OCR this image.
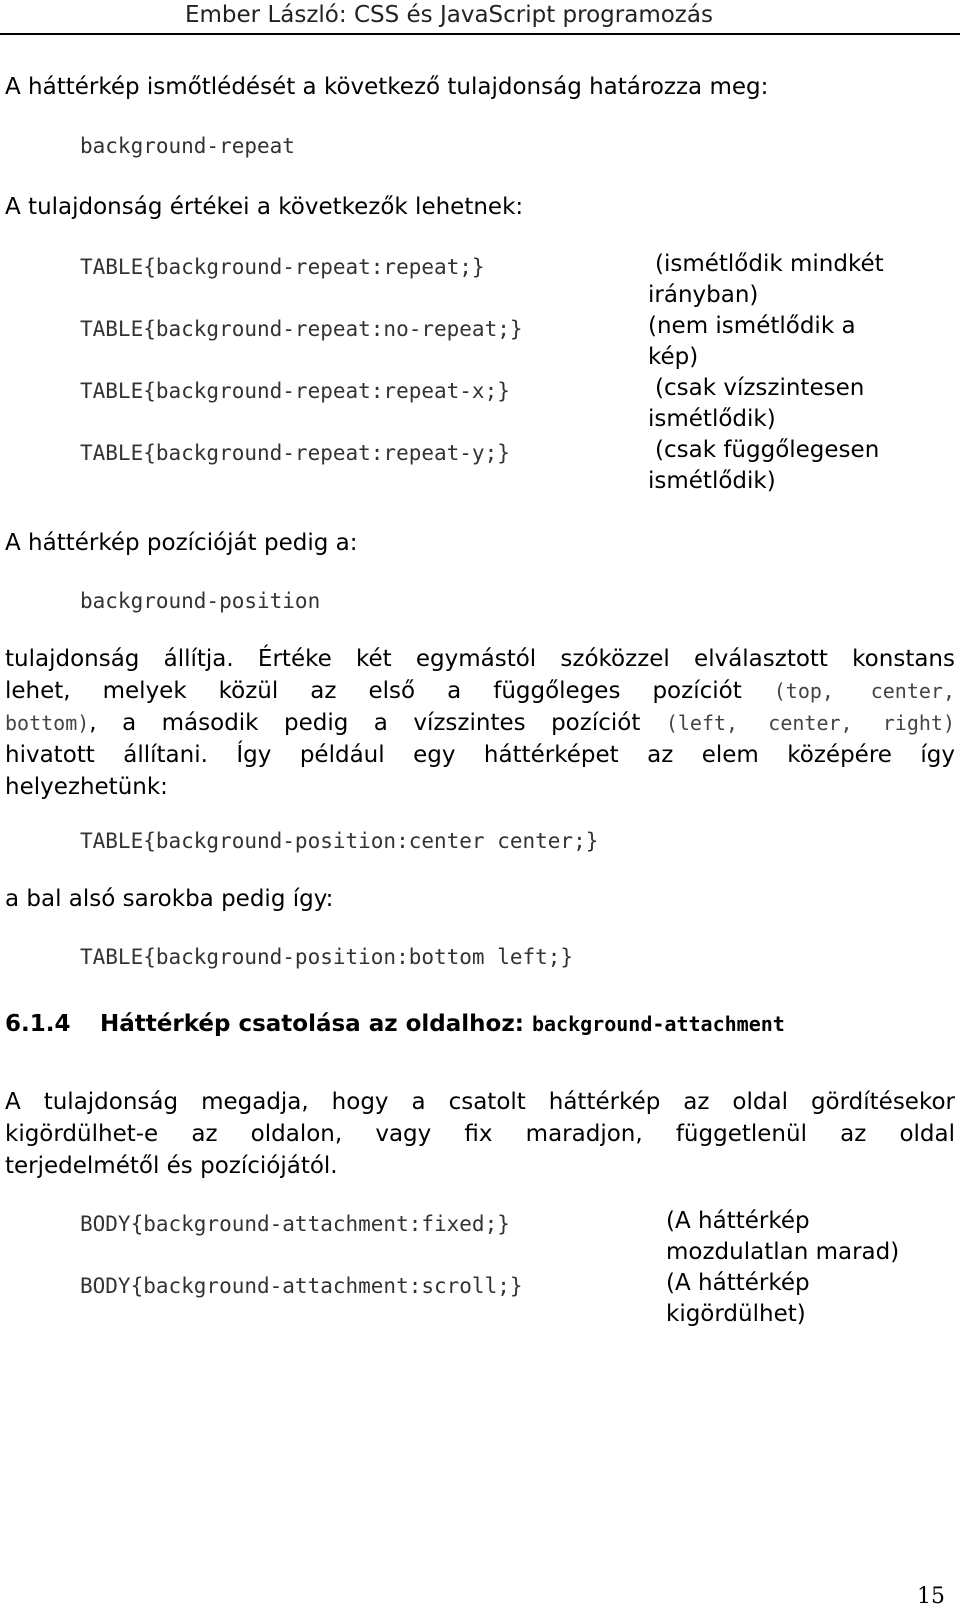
Ember László: CSS és JavaScript programozás
A háttérkép ismőtlédését a következő tulajdonság határozza meg:
background-repeat
A tulajdonság értékei a következők lehetnek:
TABLE{background-repeat:repeat;}	(ismétlődik mindkét
irányban)
TABLE{background-repeat:no-repeat;}	(nem ismétlődik a
kép)
TABLE{background-repeat:repeat-x;}	(csak vízszintesen
ismétlődik)
TABLE{background-repeat:repeat-y;}	(csak függőlegesen
ismétlődik)
A háttérkép pozícióját pedig a:
background-position
tulajdonság állítja. Értéke két egymástól szóközzel elválasztott konstans
lehet, melyek közül az első a függőleges pozíciót (top, center,
bottom), a második pedig a vízszintes pozíciót (left, center, right)
hivatott állítani. Így például egy háttérképet az elem középére így
helyezhetünk:
TABLE{background-position:center center;}
a bal alsó sarokba pedig így:
TABLE{background-position:bottom left;}
6.1.4 Háttérkép csatolása az oldalhoz: background-attachment
A tulajdonság megadja, hogy a csatolt háttérkép az oldal gördítésekor
kigördülhet-e az oldalon, vagy fix maradjon, függetlenül az oldal
terjedelmétől és pozíciójától.
BODY{background-attachment:fixed;}	(A háttérkép
mozdulatlan marad)
BODY{background-attachment:scroll;}	(A háttérkép
kigördülhet)
15
